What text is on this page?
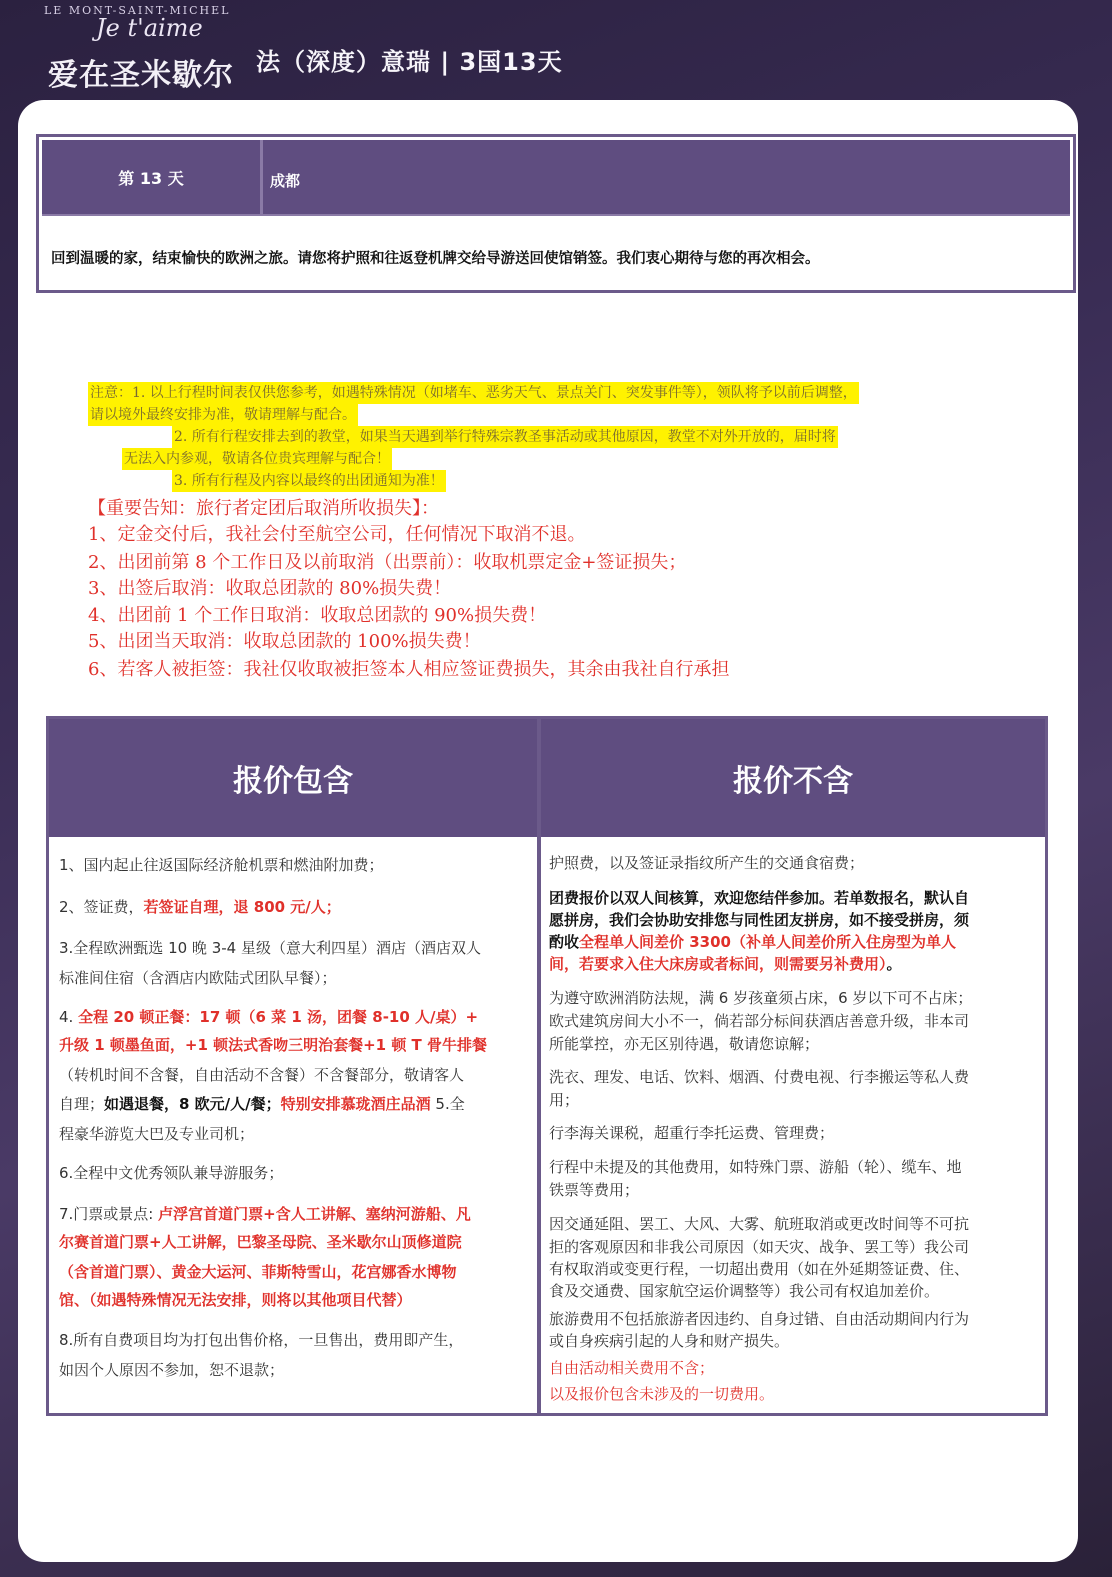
LE MONT-SAINT-MICHEL
Je t'aime
爱在圣米歇尔 法（深度）意瑞 | 3国13天
第 13 天	成都
回到温暖的家，结束愉快的欧洲之旅。请您将护照和往返登机牌交给导游送回使馆销签。我们衷心期待与您的再次相会。
注意：1. 以上行程时间表仅供您参考，如遇特殊情况（如堵车、恶劣天气、景点关门、突发事件等），领队将予以前后调整，
请以境外最终安排为准，敬请理解与配合。
2. 所有行程安排去到的教堂，如果当天遇到举行特殊宗教圣事活动或其他原因，教堂不对外开放的，届时将
无法入内参观，敬请各位贵宾理解与配合！
3. 所有行程及内容以最终的出团通知为准！
【重要告知：旅行者定团后取消所收损失】：
1、定金交付后，我社会付至航空公司，任何情况下取消不退。
2、出团前第 8 个工作日及以前取消（出票前）：收取机票定金+签证损失；
3、出签后取消：收取总团款的 80%损失费！
4、出团前 1 个工作日取消：收取总团款的 90%损失费！
5、出团当天取消：收取总团款的 100%损失费！
6、若客人被拒签：我社仅收取被拒签本人相应签证费损失，其余由我社自行承担
报价包含	报价不含
1、国内起止往返国际经济舱机票和燃油附加费；
2、签证费，若签证自理，退 800 元/人；
3.全程欧洲甄选 10 晚 3-4 星级（意大利四星）酒店（酒店双人
标准间住宿（含酒店内欧陆式团队早餐）；
4. 全程 20 顿正餐：17 顿（6 菜 1 汤，团餐 8-10 人/桌）+
升级 1 顿墨鱼面，+1 顿法式香吻三明治套餐+1 顿 T 骨牛排餐
（转机时间不含餐，自由活动不含餐）不含餐部分，敬请客人
自理；如遇退餐，8 欧元/人/餐；特别安排慕珑酒庄品酒 5.全
程豪华游览大巴及专业司机；
6.全程中文优秀领队兼导游服务；
7.门票或景点: 卢浮宫首道门票+含人工讲解、塞纳河游船、凡
尔赛首道门票+人工讲解，巴黎圣母院、圣米歇尔山顶修道院
（含首道门票）、黄金大运河、菲斯特雪山，花宫娜香水博物
馆、（如遇特殊情况无法安排，则将以其他项目代替）
8.所有自费项目均为打包出售价格，一旦售出，费用即产生，
如因个人原因不参加，恕不退款；
护照费，以及签证录指纹所产生的交通食宿费；
团费报价以双人间核算，欢迎您结伴参加。若单数报名，默认自
愿拼房，我们会协助安排您与同性团友拼房，如不接受拼房，须
酌收全程单人间差价 3300（补单人间差价所入住房型为单人
间，若要求入住大床房或者标间，则需要另补费用）。
为遵守欧洲消防法规，满 6 岁孩童须占床，6 岁以下可不占床；
欧式建筑房间大小不一，倘若部分标间获酒店善意升级，非本司
所能掌控，亦无区别待遇，敬请您谅解；
洗衣、理发、电话、饮料、烟酒、付费电视、行李搬运等私人费
用；
行李海关课税，超重行李托运费、管理费；
行程中未提及的其他费用，如特殊门票、游船（轮）、缆车、地
铁票等费用；
因交通延阻、罢工、大风、大雾、航班取消或更改时间等不可抗
拒的客观原因和非我公司原因（如天灾、战争、罢工等）我公司
有权取消或变更行程，一切超出费用（如在外延期签证费、住、
食及交通费、国家航空运价调整等）我公司有权追加差价。
旅游费用不包括旅游者因违约、自身过错、自由活动期间内行为
或自身疾病引起的人身和财产损失。
自由活动相关费用不含；
以及报价包含未涉及的一切费用。
